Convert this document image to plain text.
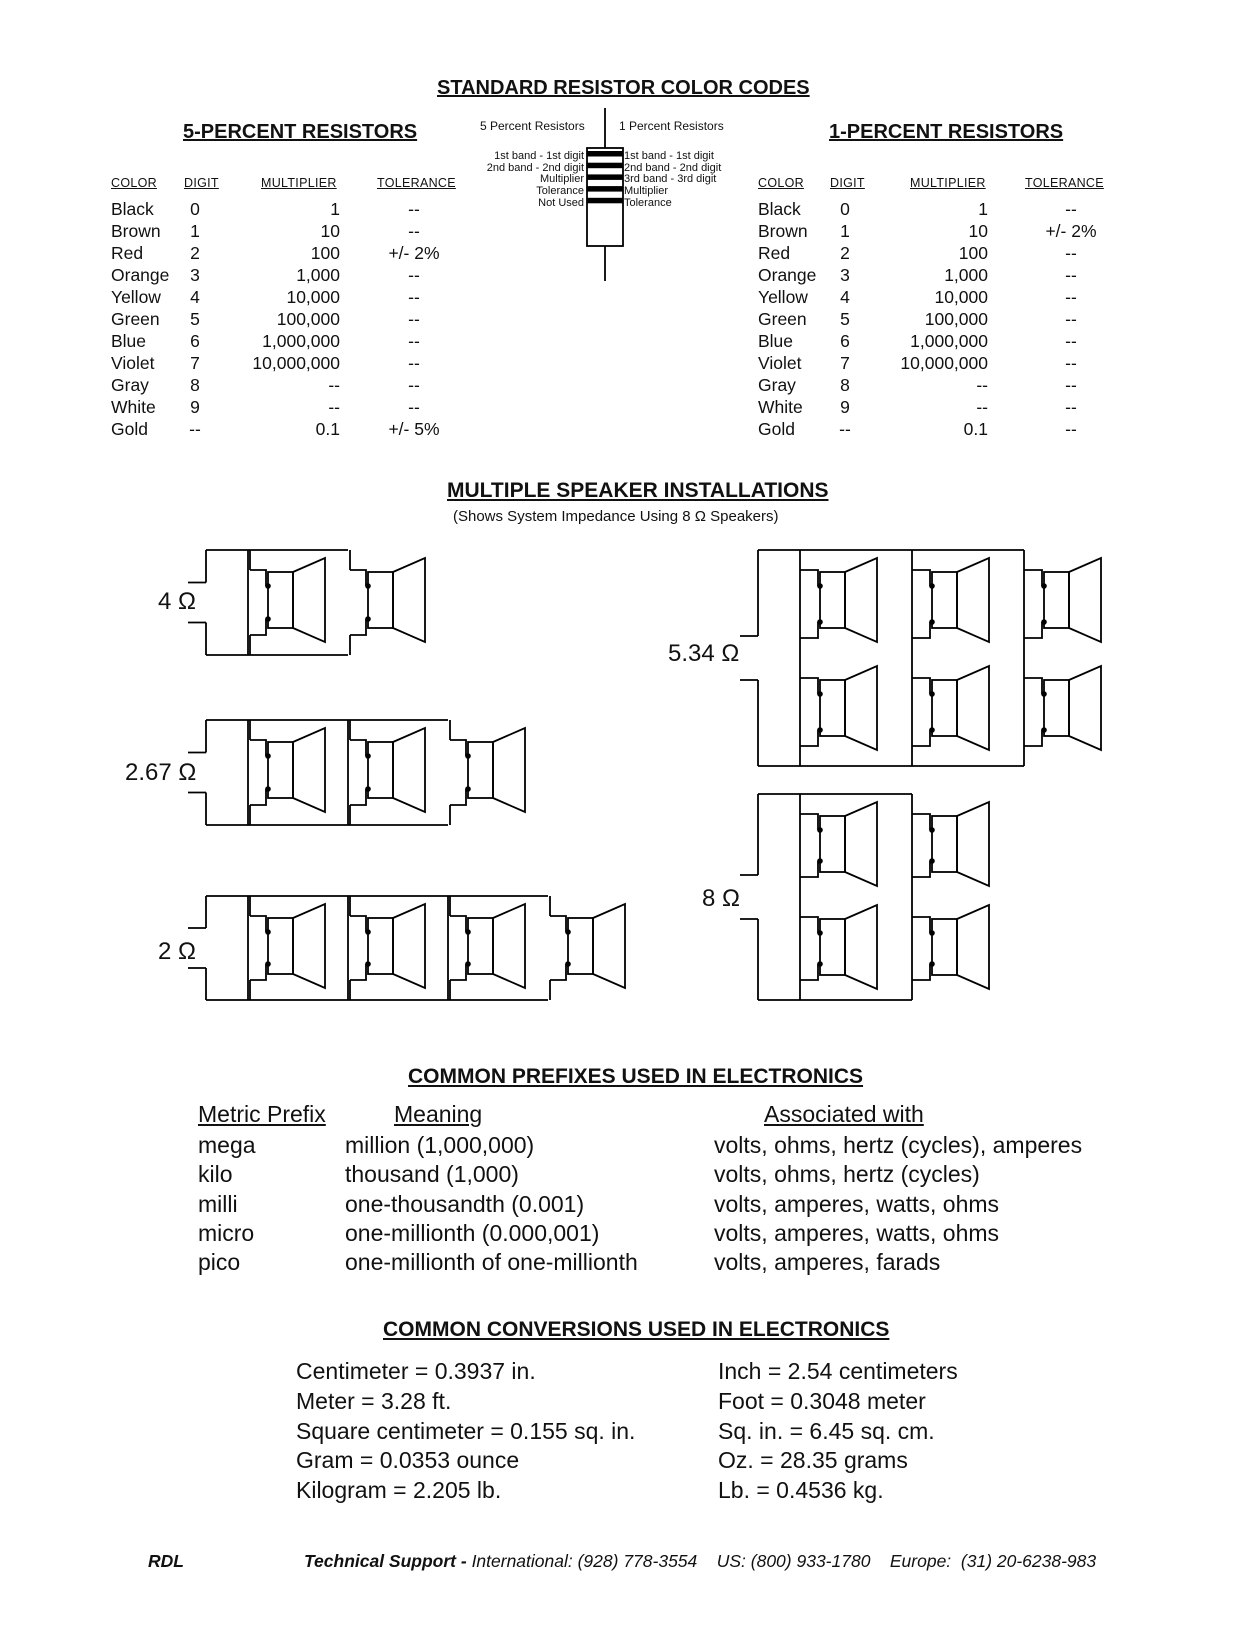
STANDARD RESISTOR COLOR CODES
5-PERCENT RESISTORS
COLOR DIGIT	MULTIPLIER	TOLERANCE
Black 0	1	--
Brown 1	10	--
Red	2	100	+/- 2%
Orange 3	1,000	--
Yellow 4	10,000	--
Green 5	100,000	--
Blue	6	1,000,000	--
Violet 7	10,000,000	--
Gray 8	--	--
White 9	--	--
Gold --	0.1	+/- 5%
1-PERCENT RESISTORS
COLOR DIGIT	MULTIPLIER	TOLERANCE
Black 0	1	--
Brown 1	10	+/- 2%
Red	2	100	--
Orange 3	1,000	--
Yellow 4	10,000	--
Green 5	100,000	--
Blue	6	1,000,000	--
Violet 7	10,000,000	--
Gray	8	--	--
White 9	--	--
Gold	--	0.1	--
5 Percent Resistors	1 Percent Resistors
1st band - 1st digit
2nd band - 2nd digit
Multiplier
Tolerance
Not Used
1st band - 1st digit
2nd band - 2nd digit
3rd band - 3rd digit
Multiplier
Tolerance
MULTIPLE SPEAKER INSTALLATIONS
(Shows System Impedance Using 8 Ω Speakers)
4 Ω
2.67 Ω
2 Ω
5.34 Ω
8 Ω
COMMON PREFIXES USED IN ELECTRONICS
Metric Prefix	Meaning	Associated with
mega	million (1,000,000)	volts, ohms, hertz (cycles), amperes
kilo	thousand (1,000)	volts, ohms, hertz (cycles)
milli	one-thousandth (0.001)	volts, amperes, watts, ohms
micro	one-millionth (0.000,001)	volts, amperes, watts, ohms
pico	one-millionth of one-millionth	volts, amperes, farads
COMMON CONVERSIONS USED IN ELECTRONICS
Centimeter = 0.3937 in.
Meter = 3.28 ft.
Square centimeter = 0.155 sq. in.
Gram = 0.0353 ounce
Kilogram = 2.205 lb.
Inch = 2.54 centimeters
Foot = 0.3048 meter
Sq. in. = 6.45 sq. cm.
Oz. = 28.35 grams
Lb. = 0.4536 kg.
RDL	Technical Support - International: (928) 778-3554    US: (800) 933-1780    Europe:  (31) 20-6238-983
